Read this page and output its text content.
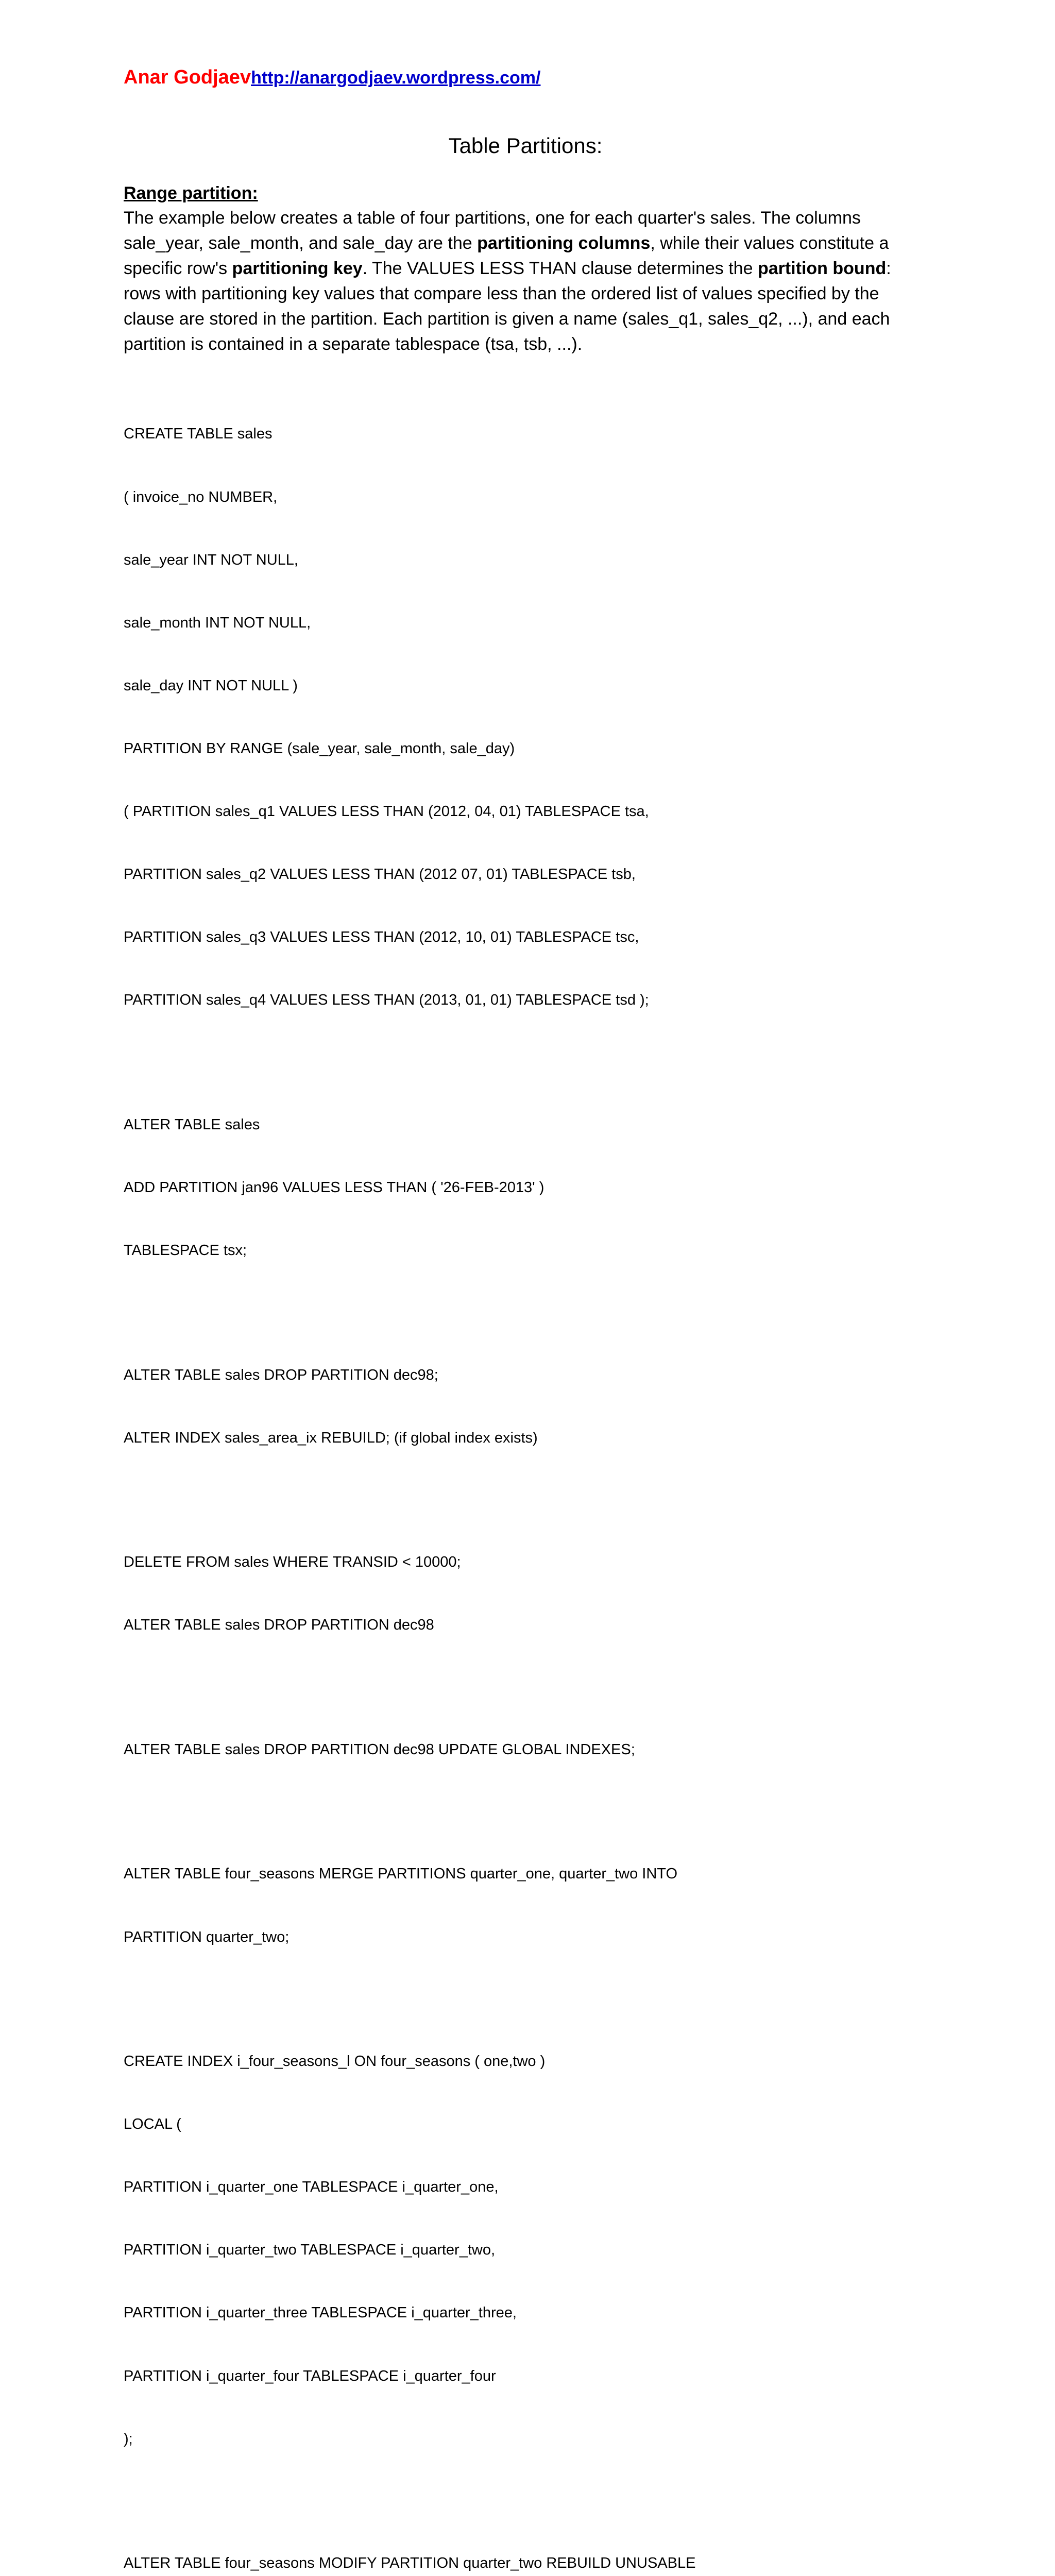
Anar Godjaevhttp://anargodjaev.wordpress.com/
Table Partitions:
Range partition:

The example below creates a table of four partitions, one for each quarter's sales. The columns sale_year, sale_month, and sale_day are the partitioning columns, while their values constitute a specific row's partitioning key. The VALUES LESS THAN clause determines the partition bound: rows with partitioning key values that compare less than the ordered list of values specified by the clause are stored in the partition. Each partition is given a name (sales_q1, sales_q2, ...), and each partition is contained in a separate tablespace (tsa, tsb, ...).

CREATE TABLE sales

( invoice_no NUMBER,

sale_year INT NOT NULL,

sale_month INT NOT NULL,

sale_day INT NOT NULL )

PARTITION BY RANGE (sale_year, sale_month, sale_day)

( PARTITION sales_q1 VALUES LESS THAN (2012, 04, 01) TABLESPACE tsa,

PARTITION sales_q2 VALUES LESS THAN (2012 07, 01) TABLESPACE tsb,

PARTITION sales_q3 VALUES LESS THAN (2012, 10, 01) TABLESPACE tsc,

PARTITION sales_q4 VALUES LESS THAN (2013, 01, 01) TABLESPACE tsd );

ALTER TABLE sales

ADD PARTITION jan96 VALUES LESS THAN ( '26-FEB-2013' )

TABLESPACE tsx;

ALTER TABLE sales DROP PARTITION dec98;

ALTER INDEX sales_area_ix REBUILD; (if global index exists)

DELETE FROM sales WHERE TRANSID < 10000;

ALTER TABLE sales DROP PARTITION dec98

ALTER TABLE sales DROP PARTITION dec98 UPDATE GLOBAL INDEXES;

ALTER TABLE four_seasons MERGE PARTITIONS quarter_one, quarter_two INTO

PARTITION quarter_two;

CREATE INDEX i_four_seasons_l ON four_seasons ( one,two )

LOCAL (

PARTITION i_quarter_one TABLESPACE i_quarter_one,

PARTITION i_quarter_two TABLESPACE i_quarter_two,

PARTITION i_quarter_three TABLESPACE i_quarter_three,

PARTITION i_quarter_four TABLESPACE i_quarter_four

);

ALTER TABLE four_seasons MODIFY PARTITION quarter_two REBUILD UNUSABLE
